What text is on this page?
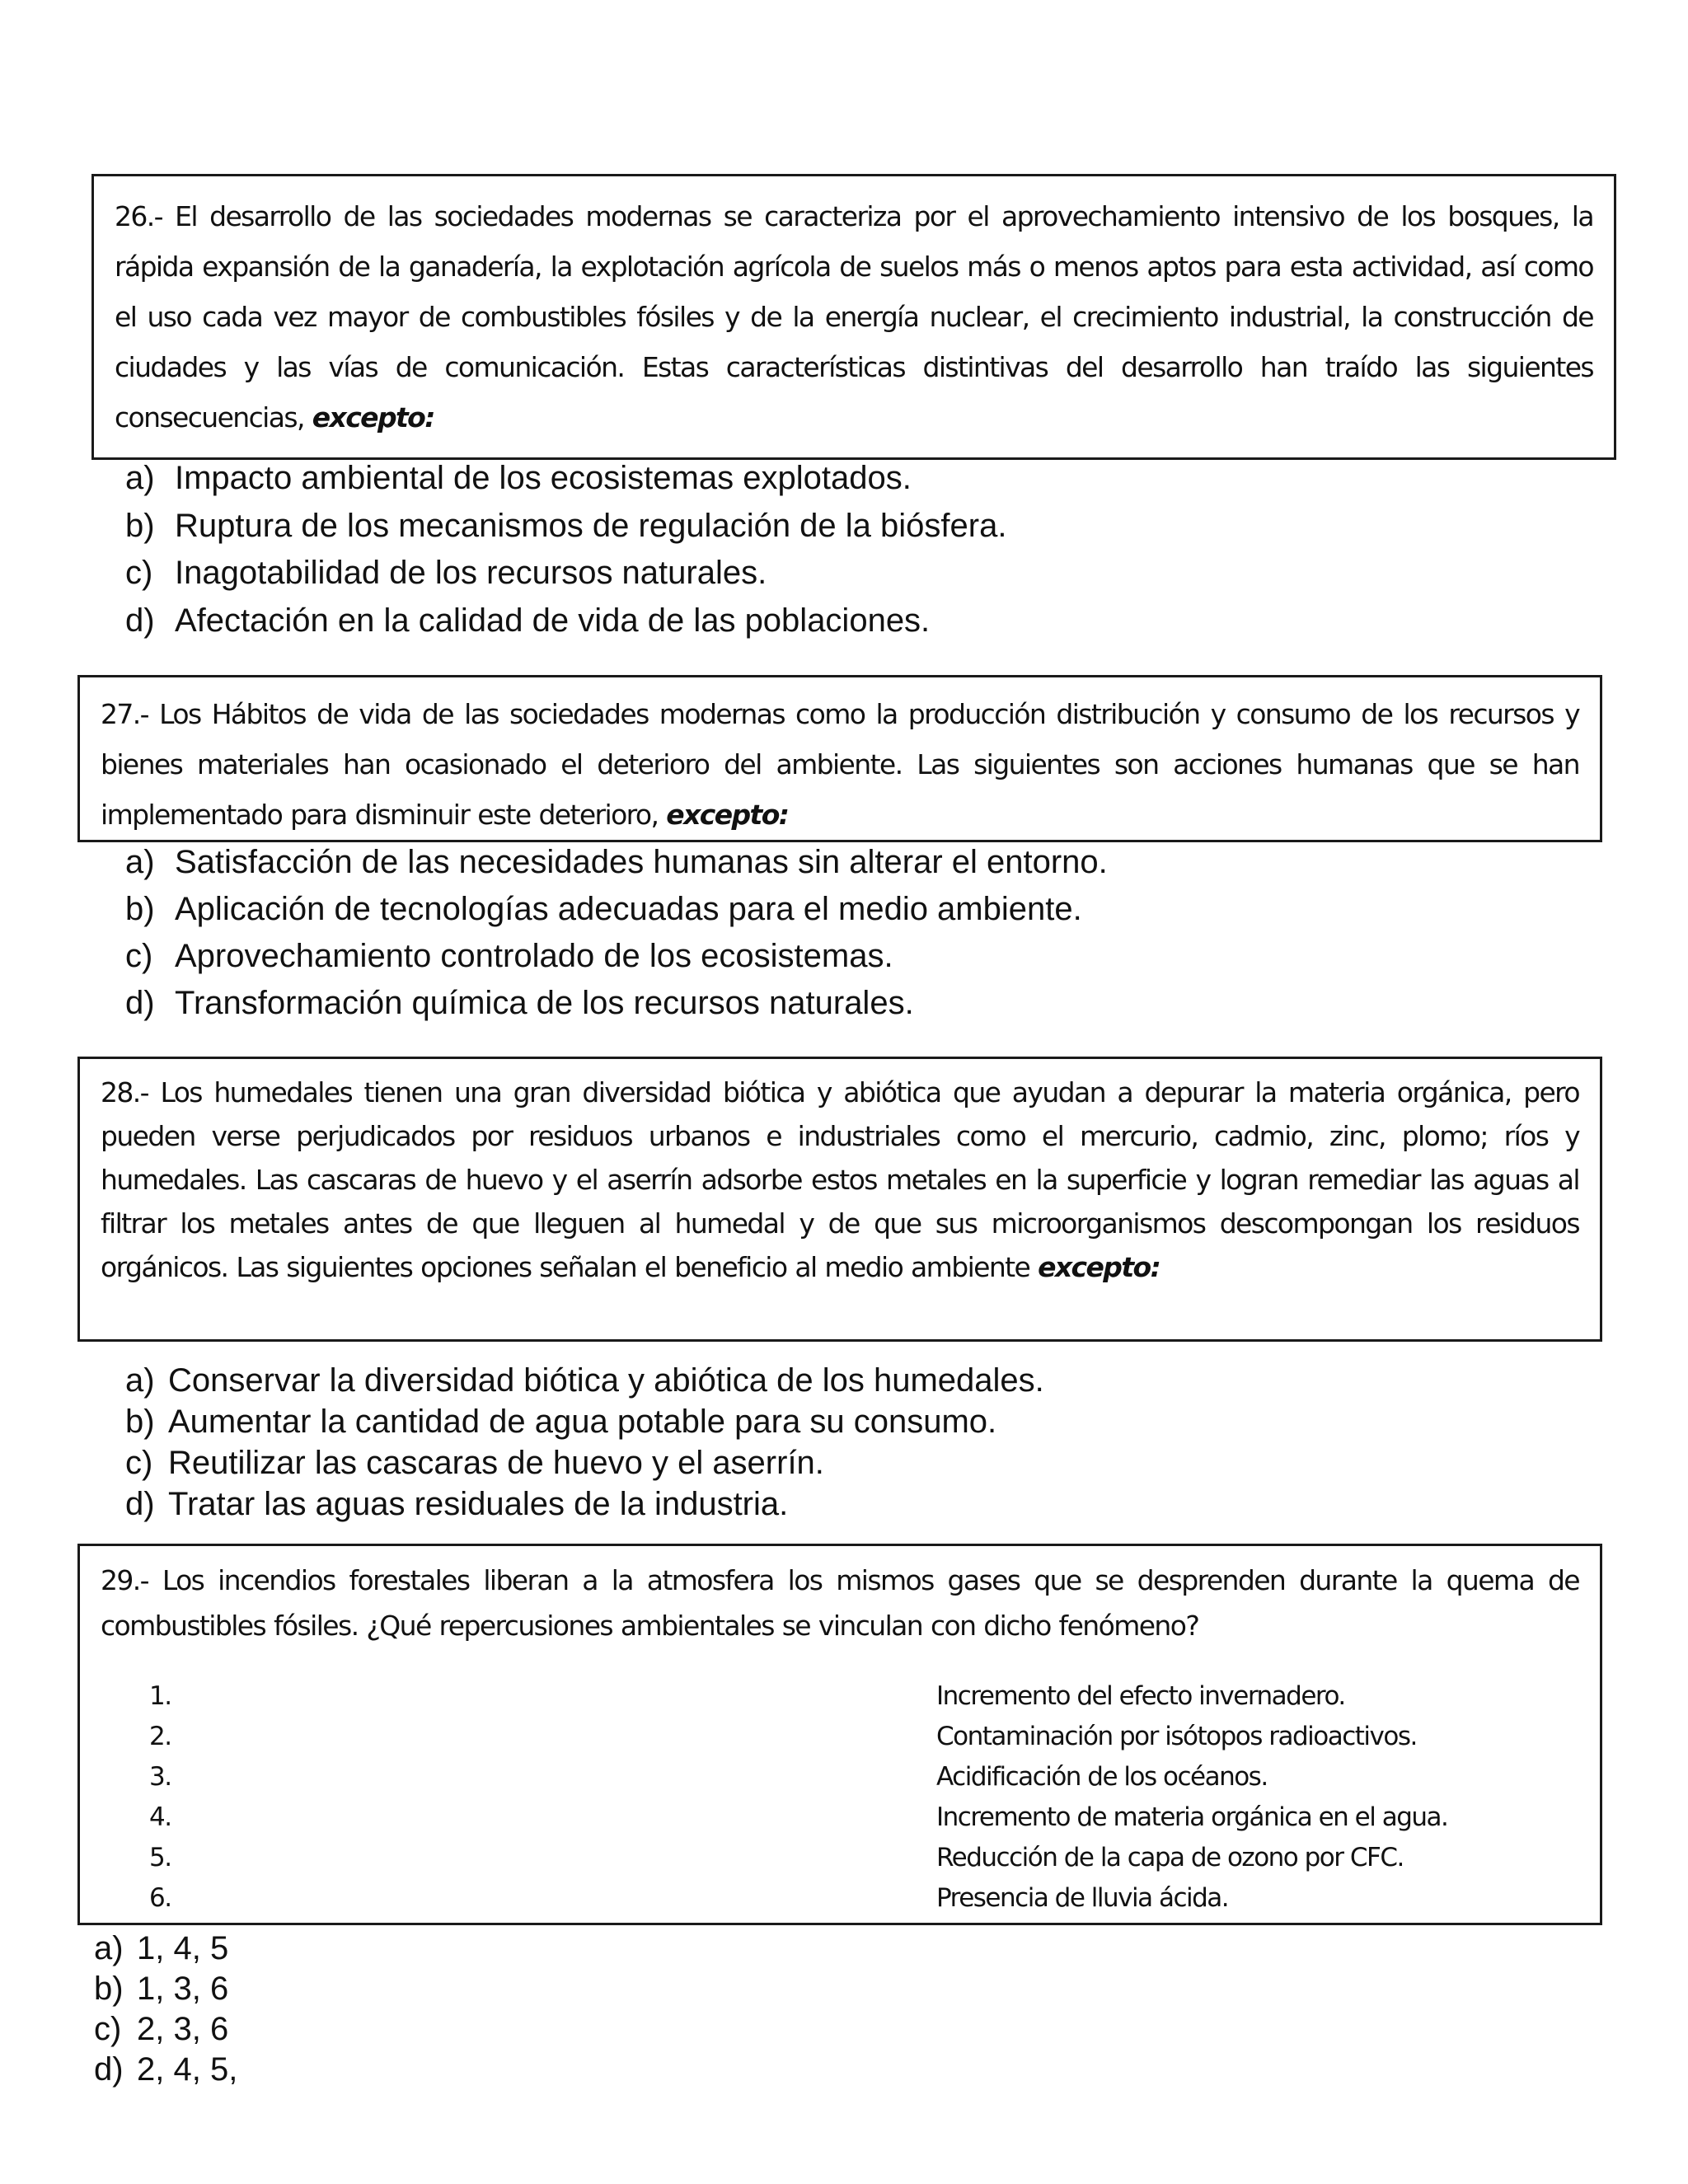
26.- El desarrollo de las sociedades modernas se caracteriza por el aprovechamiento intensivo de los bosques, la rápida expansión de la ganadería, la explotación agrícola de suelos más o menos aptos para esta actividad, así como el uso cada vez mayor de combustibles fósiles y de la energía nuclear, el crecimiento industrial, la construcción de ciudades y las vías de comunicación. Estas características distintivas del desarrollo han traído las siguientes consecuencias, excepto:

a) Impacto ambiental de los ecosistemas explotados.
b) Ruptura de los mecanismos de regulación de la biósfera.
c) Inagotabilidad de los recursos naturales.
d) Afectación en la calidad de vida de las poblaciones.

27.- Los Hábitos de vida de las sociedades modernas como la producción distribución y consumo de los recursos y bienes materiales han ocasionado el deterioro del ambiente. Las siguientes son acciones humanas que se han implementado para disminuir este deterioro, excepto:

a) Satisfacción de las necesidades humanas sin alterar el entorno.
b) Aplicación de tecnologías adecuadas para el medio ambiente.
c) Aprovechamiento controlado de los ecosistemas.
d) Transformación química de los recursos naturales.

28.- Los humedales tienen una gran diversidad biótica y abiótica que ayudan a depurar la materia orgánica, pero pueden verse perjudicados por residuos urbanos e industriales como el mercurio, cadmio, zinc, plomo; ríos y humedales. Las cascaras de huevo y el aserrín adsorbe estos metales en la superficie y logran remediar las aguas al filtrar los metales antes de que lleguen al humedal y de que sus microorganismos descompongan los residuos orgánicos. Las siguientes opciones señalan el beneficio al medio ambiente excepto:

a) Conservar la diversidad biótica y abiótica de los humedales.
b) Aumentar la cantidad de agua potable para su consumo.
c) Reutilizar las cascaras de huevo y el aserrín.
d) Tratar las aguas residuales de la industria.

29.- Los incendios forestales liberan a la atmosfera los mismos gases que se desprenden durante la quema de combustibles fósiles. ¿Qué repercusiones ambientales se vinculan con dicho fenómeno?

1.	Incremento del efecto invernadero.
2.	Contaminación por isótopos radioactivos.
3.	Acidificación de los océanos.
4.	Incremento de materia orgánica en el agua.
5.	Reducción de la capa de ozono por CFC.
6.	Presencia de lluvia ácida.
a) 1, 4, 5
b) 1, 3, 6
c) 2, 3, 6
d) 2, 4, 5,
